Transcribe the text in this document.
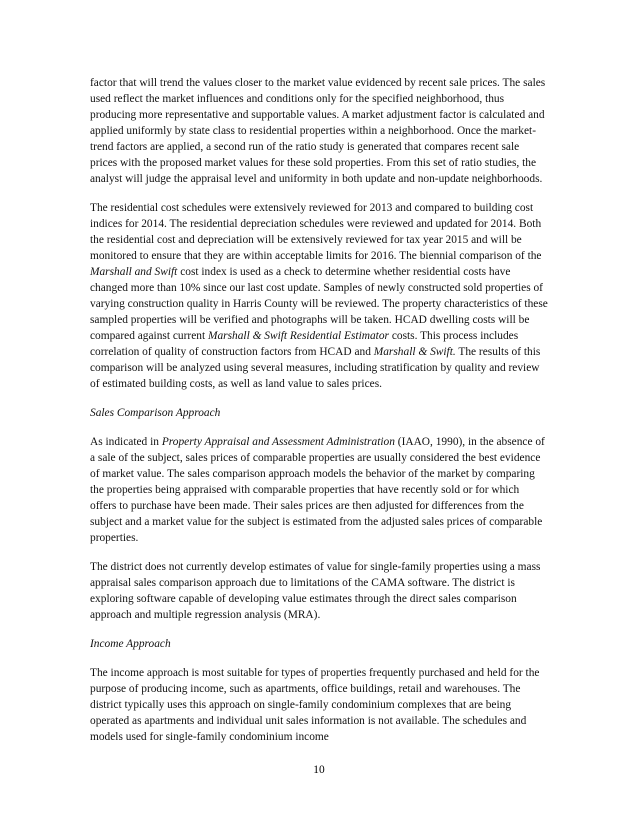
factor that will trend the values closer to the market value evidenced by recent sale prices. The sales used reflect the market influences and conditions only for the specified neighborhood, thus producing more representative and supportable values. A market adjustment factor is calculated and applied uniformly by state class to residential properties within a neighborhood. Once the market-trend factors are applied, a second run of the ratio study is generated that compares recent sale prices with the proposed market values for these sold properties. From this set of ratio studies, the analyst will judge the appraisal level and uniformity in both update and non-update neighborhoods.

The residential cost schedules were extensively reviewed for 2013 and compared to building cost indices for 2014. The residential depreciation schedules were reviewed and updated for 2014. Both the residential cost and depreciation will be extensively reviewed for tax year 2015 and will be monitored to ensure that they are within acceptable limits for 2016. The biennial comparison of the Marshall and Swift cost index is used as a check to determine whether residential costs have changed more than 10% since our last cost update. Samples of newly constructed sold properties of varying construction quality in Harris County will be reviewed. The property characteristics of these sampled properties will be verified and photographs will be taken. HCAD dwelling costs will be compared against current Marshall & Swift Residential Estimator costs. This process includes correlation of quality of construction factors from HCAD and Marshall & Swift. The results of this comparison will be analyzed using several measures, including stratification by quality and review of estimated building costs, as well as land value to sales prices.

Sales Comparison Approach

As indicated in Property Appraisal and Assessment Administration (IAAO, 1990), in the absence of a sale of the subject, sales prices of comparable properties are usually considered the best evidence of market value. The sales comparison approach models the behavior of the market by comparing the properties being appraised with comparable properties that have recently sold or for which offers to purchase have been made. Their sales prices are then adjusted for differences from the subject and a market value for the subject is estimated from the adjusted sales prices of comparable properties.

The district does not currently develop estimates of value for single-family properties using a mass appraisal sales comparison approach due to limitations of the CAMA software. The district is exploring software capable of developing value estimates through the direct sales comparison approach and multiple regression analysis (MRA).

Income Approach

The income approach is most suitable for types of properties frequently purchased and held for the purpose of producing income, such as apartments, office buildings, retail and warehouses. The district typically uses this approach on single-family condominium complexes that are being operated as apartments and individual unit sales information is not available. The schedules and models used for single-family condominium income

10
